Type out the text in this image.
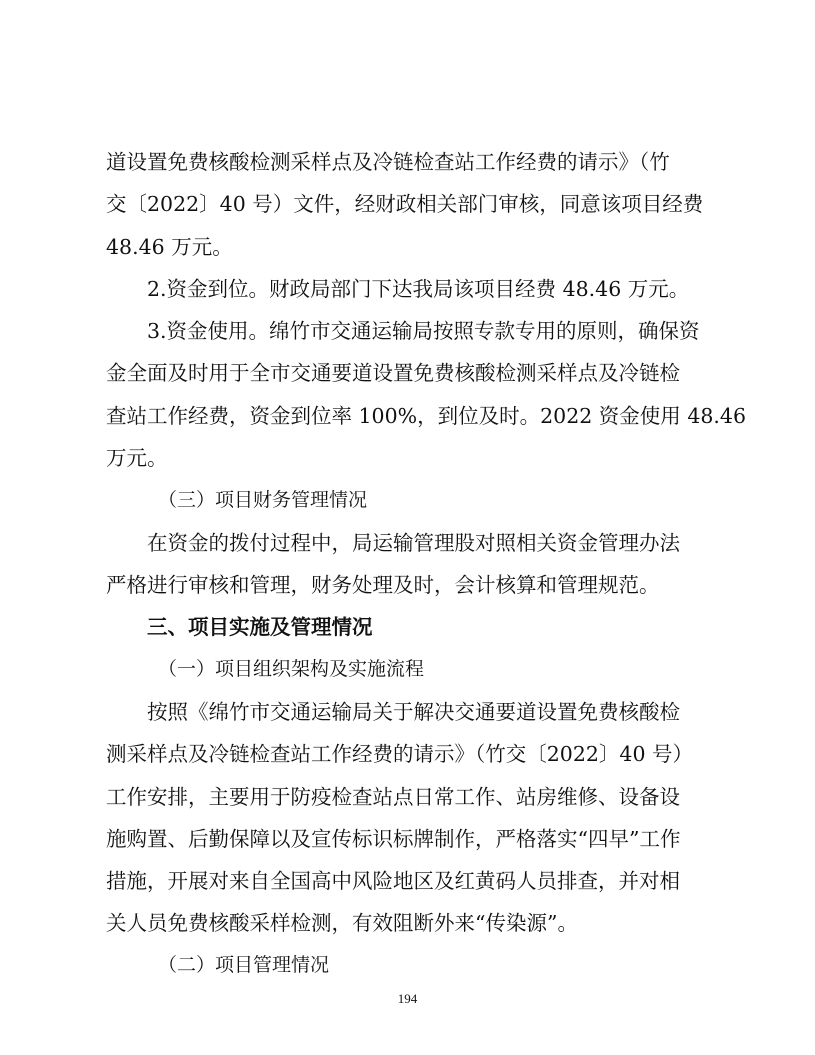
道设置免费核酸检测采样点及冷链检查站工作经费的请示》（竹
交〔2022〕40 号）文件，经财政相关部门审核，同意该项目经费
48.46 万元。
2.资金到位。财政局部门下达我局该项目经费 48.46 万元。
3.资金使用。绵竹市交通运输局按照专款专用的原则，确保资
金全面及时用于全市交通要道设置免费核酸检测采样点及冷链检
查站工作经费，资金到位率 100%，到位及时。2022 资金使用 48.46
万元。
（三）项目财务管理情况
在资金的拨付过程中，局运输管理股对照相关资金管理办法
严格进行审核和管理，财务处理及时，会计核算和管理规范。
三、项目实施及管理情况
（一）项目组织架构及实施流程
按照《绵竹市交通运输局关于解决交通要道设置免费核酸检
测采样点及冷链检查站工作经费的请示》（竹交〔2022〕40 号）
工作安排，主要用于防疫检查站点日常工作、站房维修、设备设
施购置、后勤保障以及宣传标识标牌制作，严格落实“四早”工作
措施，开展对来自全国高中风险地区及红黄码人员排查，并对相
关人员免费核酸采样检测，有效阻断外来“传染源”。
（二）项目管理情况
194
